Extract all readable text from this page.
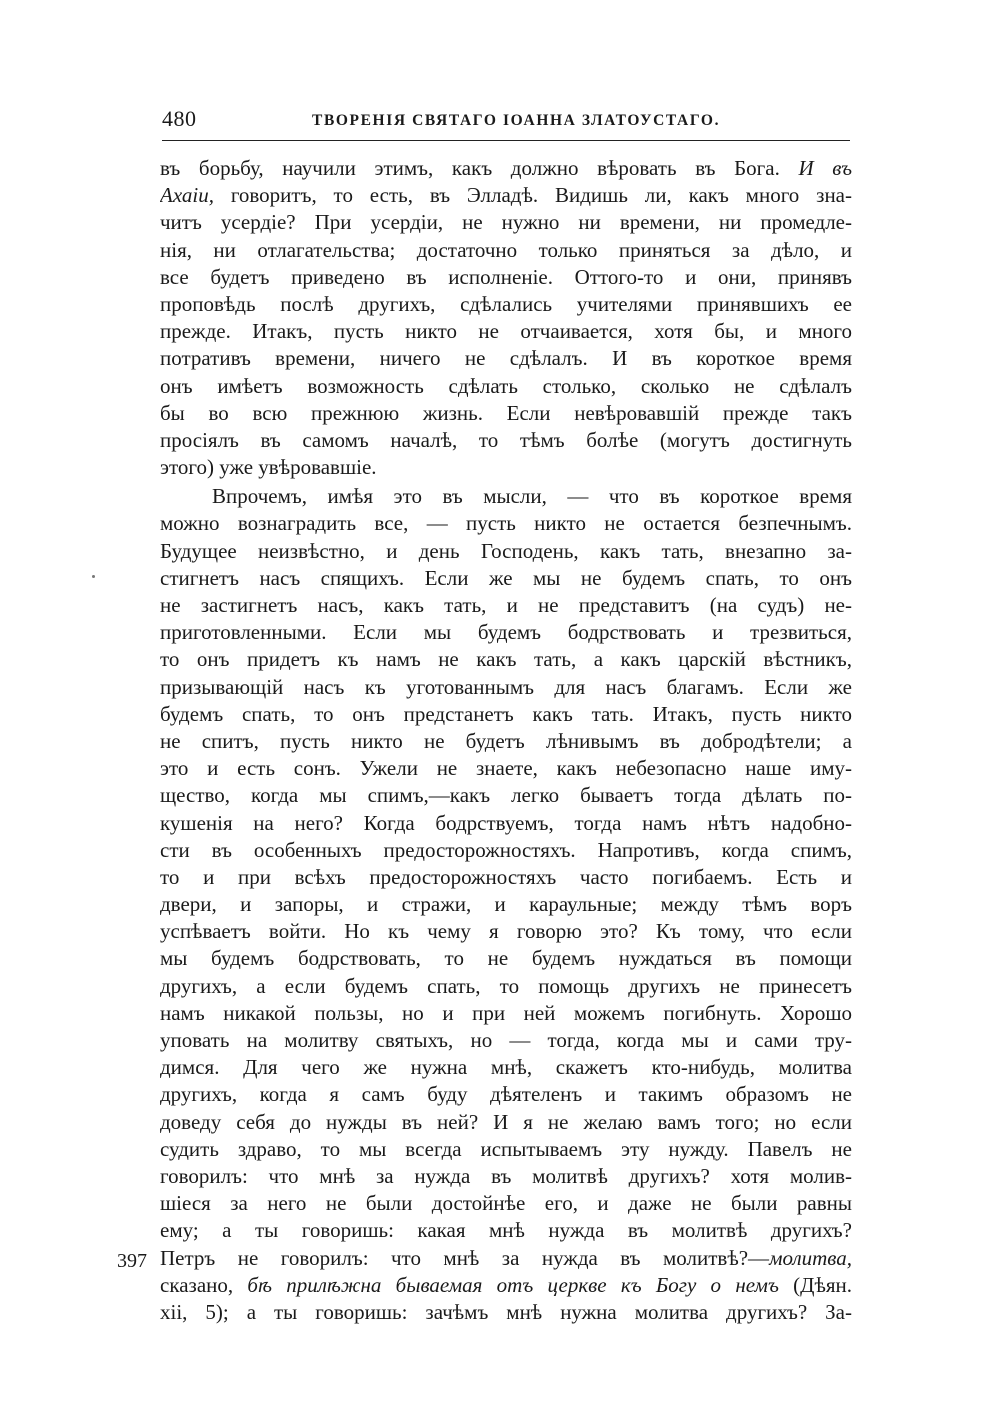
480	ТВОРЕНІЯ СВЯТАГО ІОАННА ЗЛАТОУСТАГО.
397
въ борьбу, научили этимъ, какъ должно вѣровать въ Бога. И въ
Ахаіи, говоритъ, то есть, въ Элладѣ. Видишь ли, какъ много зна-
читъ усердіе? При усердіи, не нужно ни времени, ни промедле-
нія, ни отлагательства; достаточно только приняться за дѣло, и
все будетъ приведено въ исполненіе. Оттого-то и они, принявъ
проповѣдь послѣ другихъ, сдѣлались учителями принявшихъ ее
прежде. Итакъ, пусть никто не отчаивается, хотя бы, и много
потративъ времени, ничего не сдѣлалъ. И въ короткое время
онъ имѣетъ возможность сдѣлать столько, сколько не сдѣлалъ
бы во всю прежнюю жизнь. Если невѣровавшій прежде такъ
просіялъ въ самомъ началѣ, то тѣмъ болѣе (могутъ достигнуть
этого) уже увѣровавшіе.
Впрочемъ, имѣя это въ мысли, — что въ короткое время
можно вознаградить все, — пусть никто не остается безпечнымъ.
Будущее неизвѣстно, и день Господень, какъ тать, внезапно за-
стигнетъ насъ спящихъ. Если же мы не будемъ спать, то онъ
не застигнетъ насъ, какъ тать, и не представитъ (на судъ) не-
приготовленными. Если мы будемъ бодрствовать и трезвиться,
то онъ придетъ къ намъ не какъ тать, а какъ царскій вѣстникъ,
призывающій насъ къ уготованнымъ для насъ благамъ. Если же
будемъ спать, то онъ предстанетъ какъ тать. Итакъ, пусть никто
не спитъ, пусть никто не будетъ лѣнивымъ въ добродѣтели; а
это и есть сонъ. Ужели не знаете, какъ небезопасно наше иму-
щество, когда мы спимъ,—какъ легко бываетъ тогда дѣлать по-
кушенія на него? Когда бодрствуемъ, тогда намъ нѣтъ надобно-
сти въ особенныхъ предосторожностяхъ. Напротивъ, когда спимъ,
то и при всѣхъ предосторожностяхъ часто погибаемъ. Есть и
двери, и запоры, и стражи, и караульные; между тѣмъ воръ
успѣваетъ войти. Но къ чему я говорю это? Къ тому, что если
мы будемъ бодрствовать, то не будемъ нуждаться въ помощи
другихъ, а если будемъ спать, то помощь другихъ не принесетъ
намъ никакой пользы, но и при ней можемъ погибнуть. Хорошо
уповать на молитву святыхъ, но — тогда, когда мы и сами тру-
димся. Для чего же нужна мнѣ, скажетъ кто-нибудь, молитва
другихъ, когда я самъ буду дѣятеленъ и такимъ образомъ не
доведу себя до нужды въ ней? И я не желаю вамъ того; но если
судить здраво, то мы всегда испытываемъ эту нужду. Павелъ не
говорилъ: что мнѣ за нужда въ молитвѣ другихъ? хотя молив-
шіеся за него не были достойнѣе его, и даже не были равны
ему; а ты говоришь: какая мнѣ нужда въ молитвѣ другихъ?
Петръ не говорилъ: что мнѣ за нужда въ молитвѣ?—молитва,
сказано, бѣ прилѣжна бываемая отъ церкве къ Богу о немъ (Дѣян.
xii, 5); а ты говоришь: зачѣмъ мнѣ нужна молитва другихъ? За-
